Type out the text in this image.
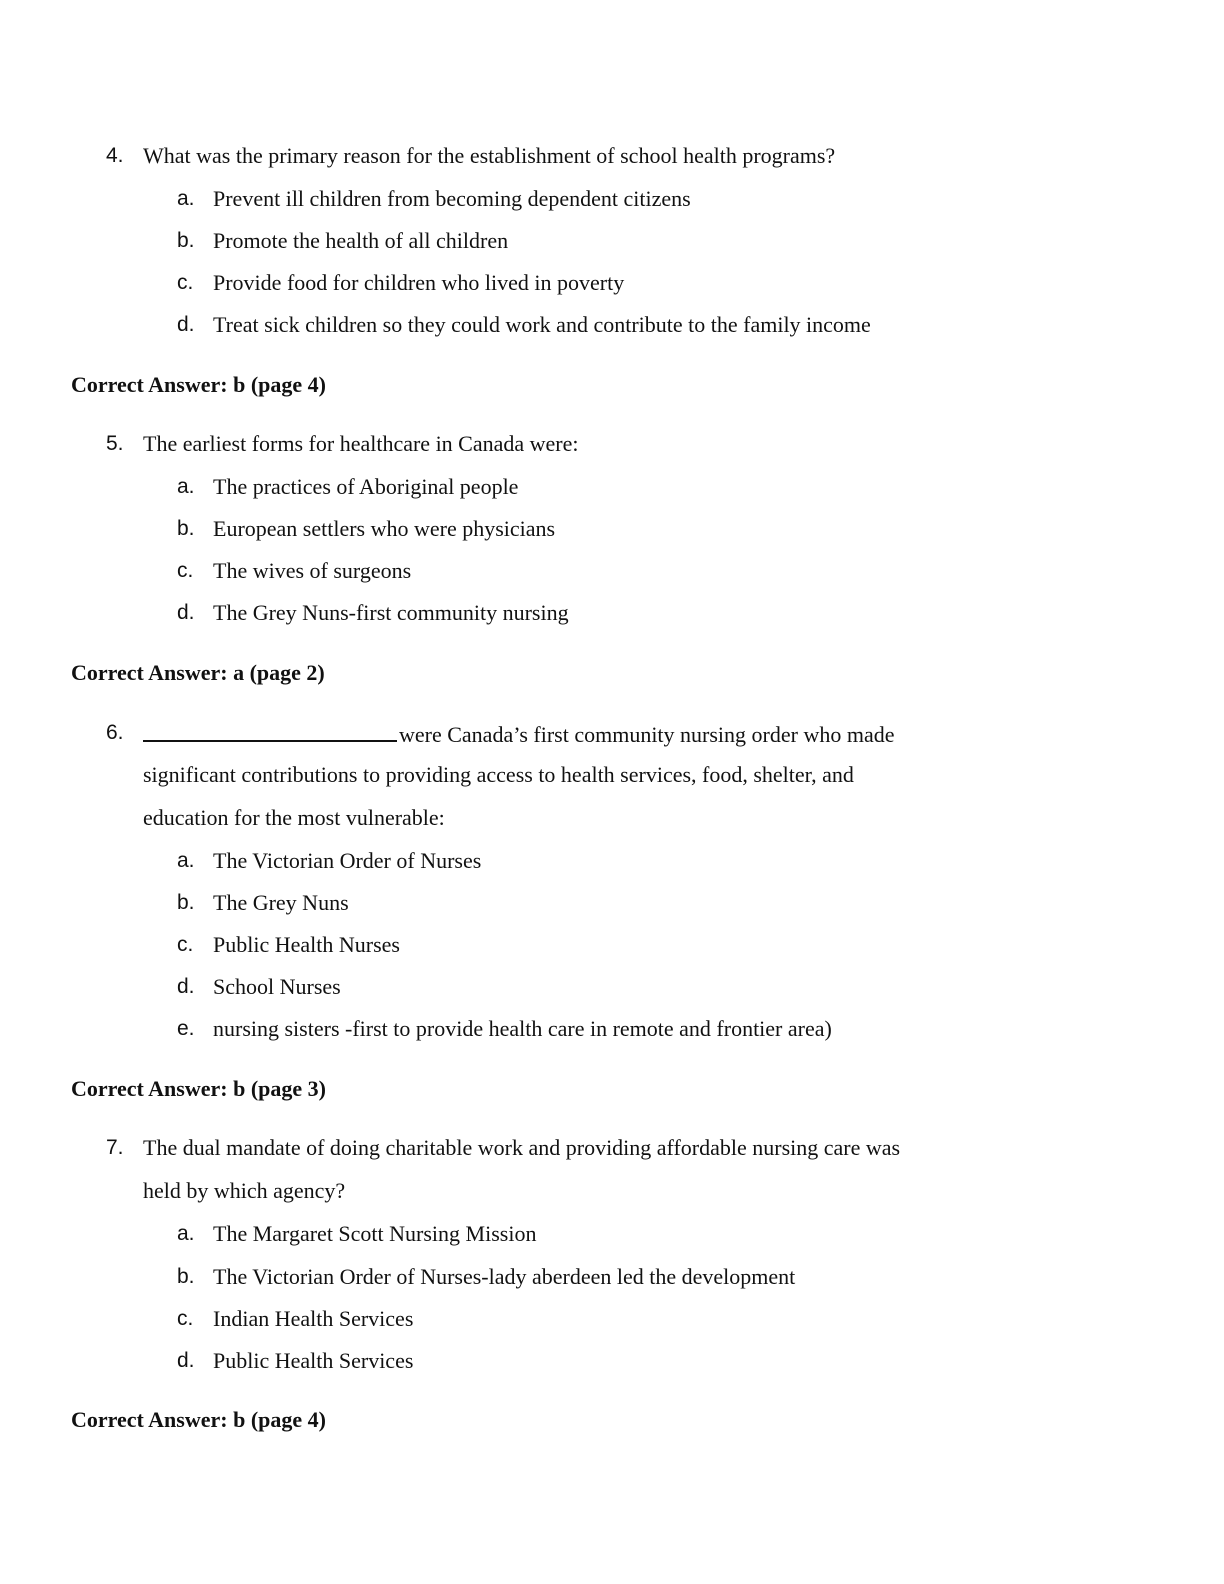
4. What was the primary reason for the establishment of school health programs?
a. Prevent ill children from becoming dependent citizens
b. Promote the health of all children
c. Provide food for children who lived in poverty
d. Treat sick children so they could work and contribute to the family income
Correct Answer: b (page 4)
5. The earliest forms for healthcare in Canada were:
a. The practices of Aboriginal people
b. European settlers who were physicians
c. The wives of surgeons
d. The Grey Nuns-first community nursing
Correct Answer: a (page 2)
6.	were Canada’s first community nursing order who made
significant contributions to providing access to health services, food, shelter, and
education for the most vulnerable:
a. The Victorian Order of Nurses
b. The Grey Nuns
c. Public Health Nurses
d. School Nurses
e. nursing sisters -first to provide health care in remote and frontier area)
Correct Answer: b (page 3)
7. The dual mandate of doing charitable work and providing affordable nursing care was
held by which agency?
a. The Margaret Scott Nursing Mission
b. The Victorian Order of Nurses-lady aberdeen led the development
c. Indian Health Services
d. Public Health Services
Correct Answer: b (page 4)
